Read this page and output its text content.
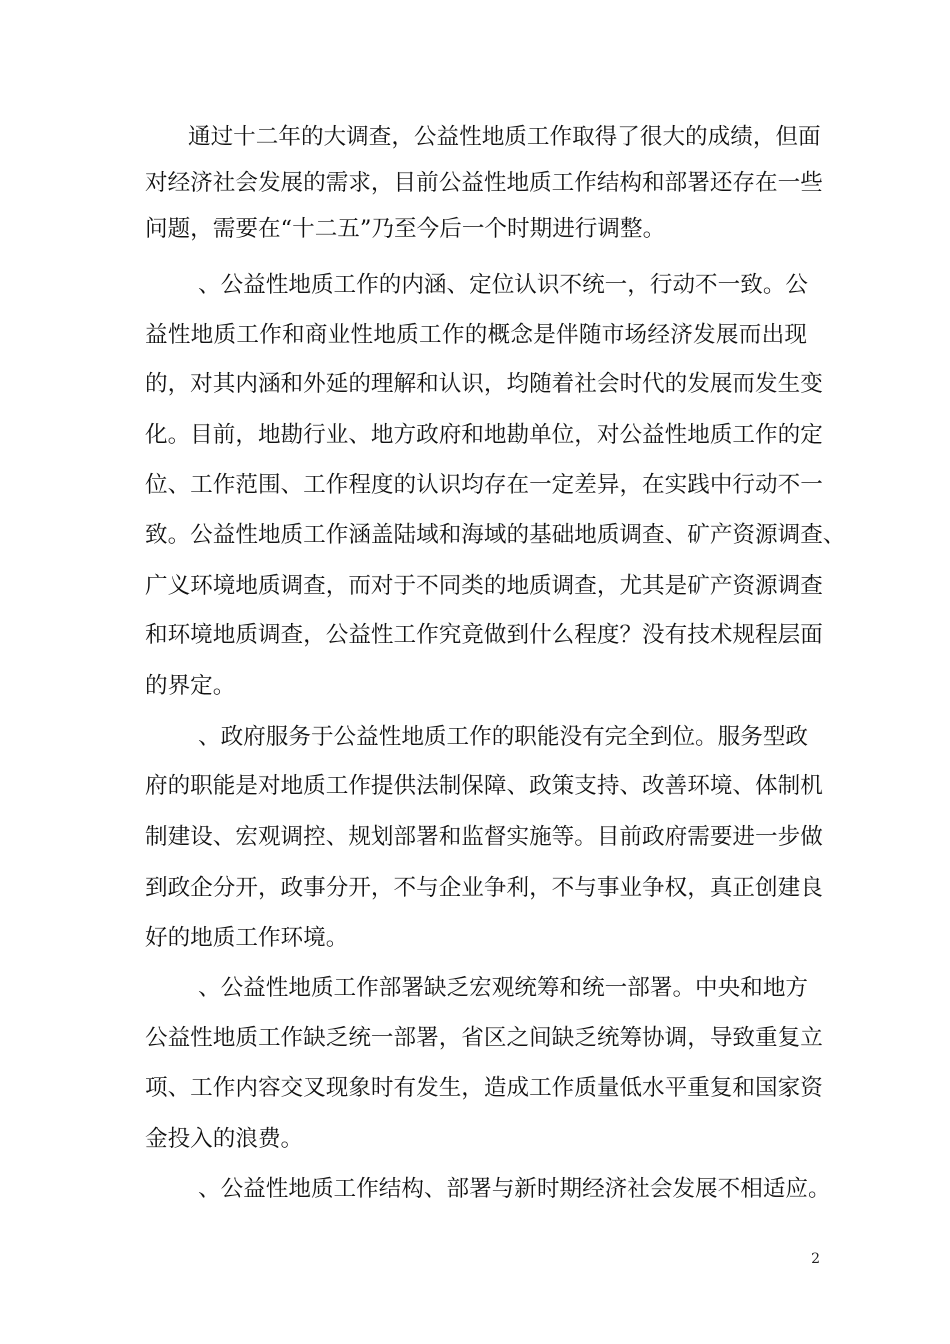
通过十二年的大调查，公益性地质工作取得了很大的成绩，但面
对经济社会发展的需求，目前公益性地质工作结构和部署还存在一些
问题，需要在“十二五”乃至今后一个时期进行调整。
、公益性地质工作的内涵、定位认识不统一，行动不一致。公
益性地质工作和商业性地质工作的概念是伴随市场经济发展而出现
的，对其内涵和外延的理解和认识，均随着社会时代的发展而发生变
化。目前，地勘行业、地方政府和地勘单位，对公益性地质工作的定
位、工作范围、工作程度的认识均存在一定差异，在实践中行动不一
致。公益性地质工作涵盖陆域和海域的基础地质调查、矿产资源调查、
广义环境地质调查，而对于不同类的地质调查，尤其是矿产资源调查
和环境地质调查，公益性工作究竟做到什么程度？没有技术规程层面
的界定。
、政府服务于公益性地质工作的职能没有完全到位。服务型政
府的职能是对地质工作提供法制保障、政策支持、改善环境、体制机
制建设、宏观调控、规划部署和监督实施等。目前政府需要进一步做
到政企分开，政事分开，不与企业争利，不与事业争权，真正创建良
好的地质工作环境。
、公益性地质工作部署缺乏宏观统筹和统一部署。中央和地方
公益性地质工作缺乏统一部署，省区之间缺乏统筹协调，导致重复立
项、工作内容交叉现象时有发生，造成工作质量低水平重复和国家资
金投入的浪费。
、公益性地质工作结构、部署与新时期经济社会发展不相适应。
2
